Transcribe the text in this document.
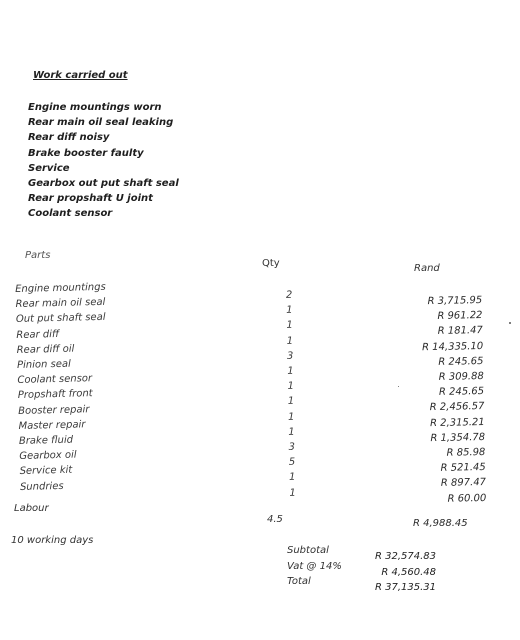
Work carried out
Engine mountings worn
Rear main oil seal leaking
Rear diff noisy
Brake booster faulty
Service
Gearbox out put shaft seal
Rear propshaft U joint
Coolant sensor
Parts
Qty	Rand
Engine mountings
Rear main oil seal
Out put shaft seal
Rear diff
Rear diff oil
Pinion seal
Coolant sensor
Propshaft front
Booster repair
Master repair
Brake fluid
Gearbox oil
Service kit
Sundries
2
1
1
1
3
1
1
1
1
1
3
5
1
1
R 3,715.95
R 961.22
R 181.47
R 14,335.10
R 245.65
R 309.88
R 245.65
R 2,456.57
R 2,315.21
R 1,354.78
R 85.98
R 521.45
R 897.47
R 60.00
Labour
4.5	R 4,988.45
10 working days
Subtotal
Vat @ 14%
Total
R 32,574.83
R 4,560.48
R 37,135.31
